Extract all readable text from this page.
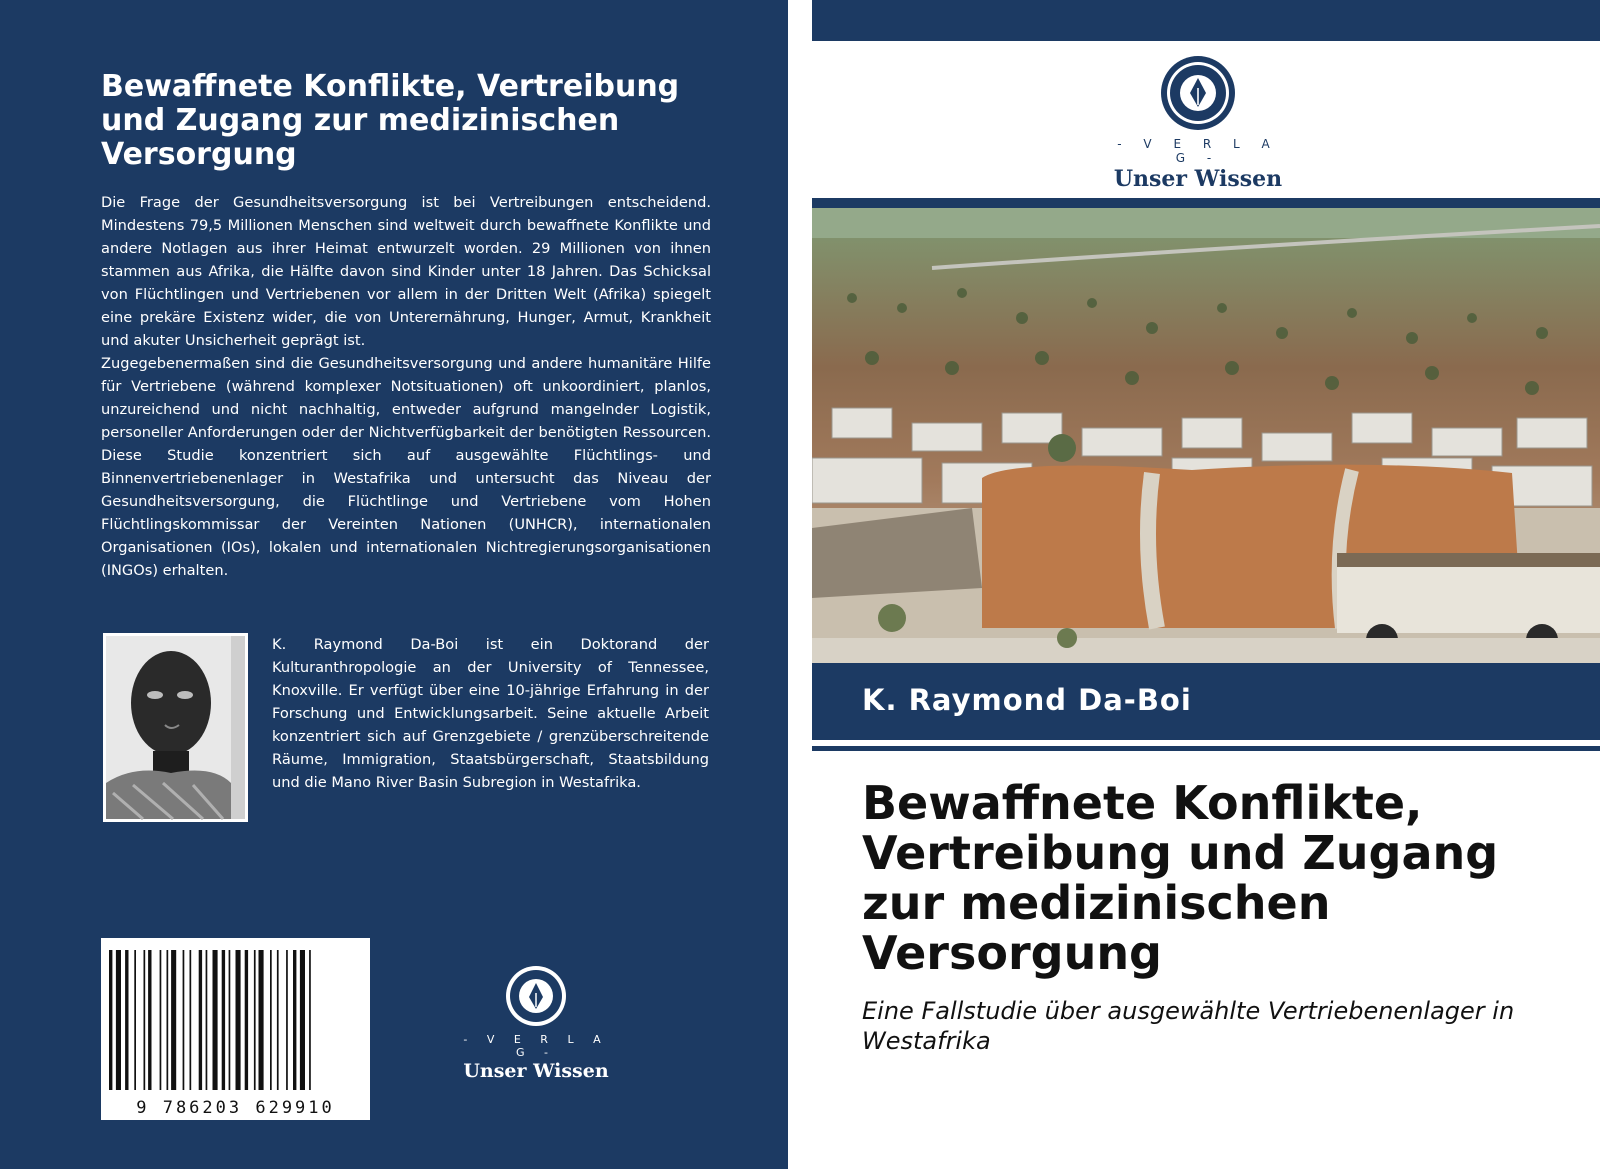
Bewaffnete Konflikte, Vertreibung und Zugang zur medizinischen Versorgung

Die Frage der Gesundheitsversorgung ist bei Vertreibungen entscheidend. Mindestens 79,5 Millionen Menschen sind weltweit durch bewaffnete Konflikte und andere Notlagen aus ihrer Heimat entwurzelt worden. 29 Millionen von ihnen stammen aus Afrika, die Hälfte davon sind Kinder unter 18 Jahren. Das Schicksal von Flüchtlingen und Vertriebenen vor allem in der Dritten Welt (Afrika) spiegelt eine prekäre Existenz wider, die von Unterernährung, Hunger, Armut, Krankheit und akuter Unsicherheit geprägt ist.

Zugegebenermaßen sind die Gesundheitsversorgung und andere humanitäre Hilfe für Vertriebene (während komplexer Notsituationen) oft unkoordiniert, planlos, unzureichend und nicht nachhaltig, entweder aufgrund mangelnder Logistik, personeller Anforderungen oder der Nichtverfügbarkeit der benötigten Ressourcen. Diese Studie konzentriert sich auf ausgewählte Flüchtlings- und Binnenvertriebenenlager in Westafrika und untersucht das Niveau der Gesundheitsversorgung, die Flüchtlinge und Vertriebene vom Hohen Flüchtlingskommissar der Vereinten Nationen (UNHCR), internationalen Organisationen (IOs), lokalen und internationalen Nichtregierungsorganisationen (INGOs) erhalten.

K. Raymond Da-Boi ist ein Doktorand der Kulturanthropologie an der University of Tennessee, Knoxville. Er verfügt über eine 10-jährige Erfahrung in der Forschung und Entwicklungsarbeit. Seine aktuelle Arbeit konzentriert sich auf Grenzgebiete / grenzüberschreitende Räume, Immigration, Staatsbürgerschaft, Staatsbildung und die Mano River Basin Subregion in Westafrika.

9 786203 629910
- V E R L A G -
Unser Wissen
- V E R L A G -
Unser Wissen
K. Raymond Da-Boi
Bewaffnete Konflikte, Vertreibung und Zugang zur medizinischen Versorgung

Eine Fallstudie über ausgewählte Vertriebenenlager in Westafrika
